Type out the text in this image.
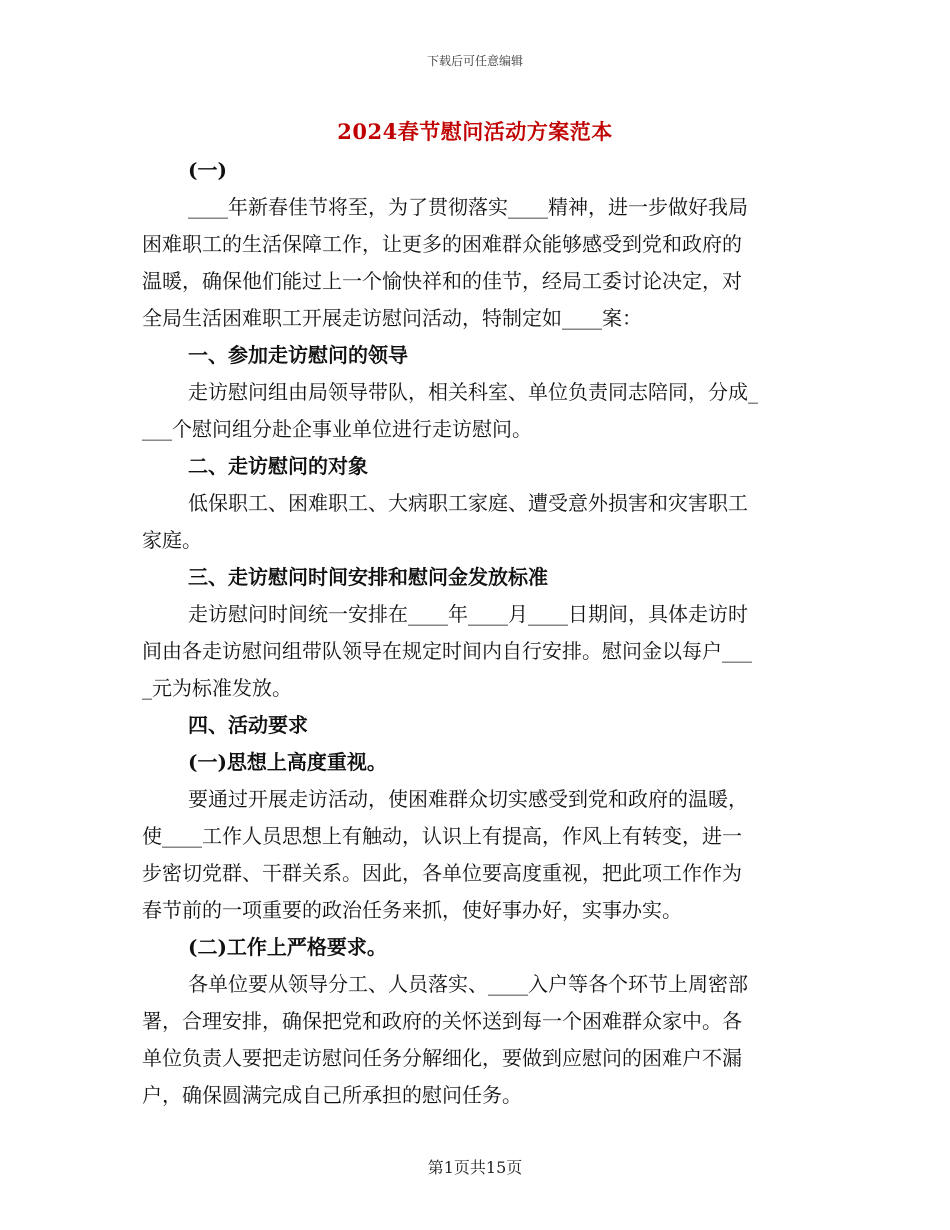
下载后可任意编辑
2024春节慰问活动方案范本
(一)
____年新春佳节将至，为了贯彻落实____精神，进一步做好我局
困难职工的生活保障工作，让更多的困难群众能够感受到党和政府的
温暖，确保他们能过上一个愉快祥和的佳节，经局工委讨论决定，对
全局生活困难职工开展走访慰问活动，特制定如____案：
一、参加走访慰问的领导
走访慰问组由局领导带队，相关科室、单位负责同志陪同，分成_
___个慰问组分赴企事业单位进行走访慰问。
二、走访慰问的对象
低保职工、困难职工、大病职工家庭、遭受意外损害和灾害职工
家庭。
三、走访慰问时间安排和慰问金发放标准
走访慰问时间统一安排在____年____月____日期间，具体走访时
间由各走访慰问组带队领导在规定时间内自行安排。慰问金以每户___
_元为标准发放。
四、活动要求
(一)思想上高度重视。
要通过开展走访活动，使困难群众切实感受到党和政府的温暖，
使____工作人员思想上有触动，认识上有提高，作风上有转变，进一
步密切党群、干群关系。因此，各单位要高度重视，把此项工作作为
春节前的一项重要的政治任务来抓，使好事办好，实事办实。
(二)工作上严格要求。
各单位要从领导分工、人员落实、____入户等各个环节上周密部
署，合理安排，确保把党和政府的关怀送到每一个困难群众家中。各
单位负责人要把走访慰问任务分解细化，要做到应慰问的困难户不漏
户，确保圆满完成自己所承担的慰问任务。
第1页共15页
